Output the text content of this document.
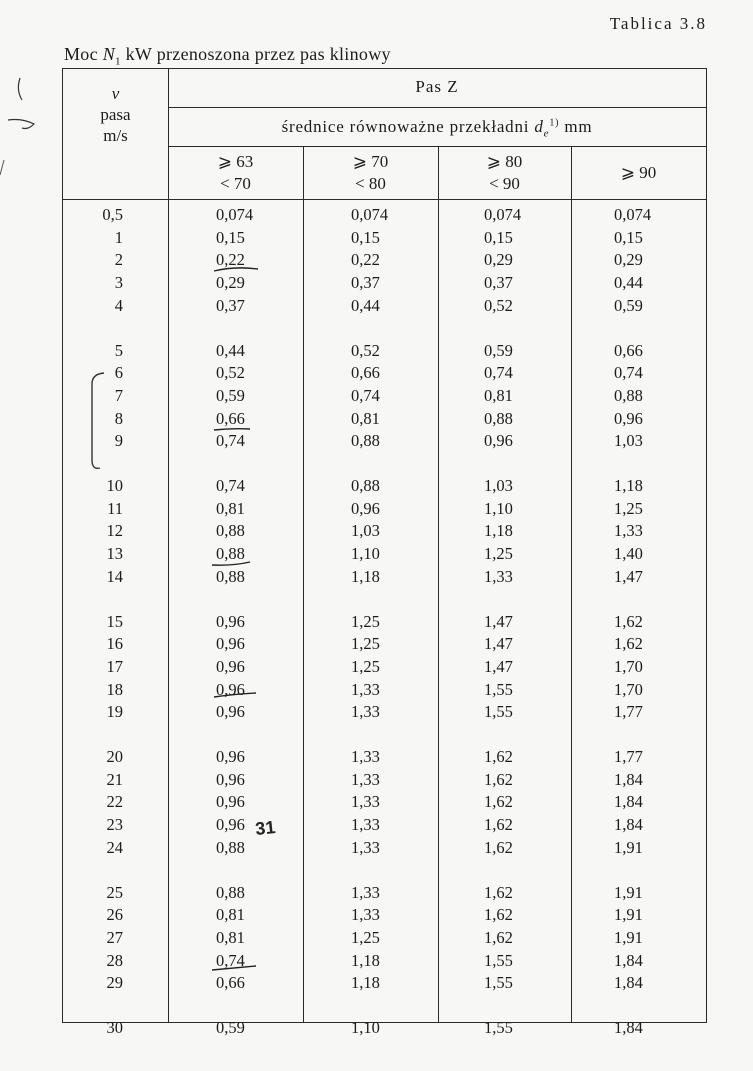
Tablica 3.8
Moc $N_1$ kW przenoszona przez pas klinowy
v
pasa
m/s
Pas Z
średnice równoważne przekładni $d_e^{1)}$ mm
⩾ 63
< 70
⩾ 70
< 80
⩾ 80
< 90
⩾ 90
0,5	0,074	0,074	0,074	0,074
1	0,15	0,15	0,15	0,15
2	0,22	0,22	0,29	0,29
3	0,29	0,37	0,37	0,44
4	0,37	0,44	0,52	0,59
5	0,44	0,52	0,59	0,66
6	0,52	0,66	0,74	0,74
7	0,59	0,74	0,81	0,88
8	0,66	0,81	0,88	0,96
9	0,74	0,88	0,96	1,03
10	0,74	0,88	1,03	1,18
11	0,81	0,96	1,10	1,25
12	0,88	1,03	1,18	1,33
13	0,88	1,10	1,25	1,40
14	0,88	1,18	1,33	1,47
15	0,96	1,25	1,47	1,62
16	0,96	1,25	1,47	1,62
17	0,96	1,25	1,47	1,70
18	0,96	1,33	1,55	1,70
19	0,96	1,33	1,55	1,77
20	0,96	1,33	1,62	1,77
21	0,96	1,33	1,62	1,84
22	0,96	1,33	1,62	1,84
23	0,96	1,33	1,62	1,84
24	0,88	1,33	1,62	1,91
25	0,88	1,33	1,62	1,91
26	0,81	1,33	1,62	1,91
27	0,81	1,25	1,62	1,91
28	0,74	1,18	1,55	1,84
29	0,66	1,18	1,55	1,84
30	0,59	1,10	1,55	1,84
31
